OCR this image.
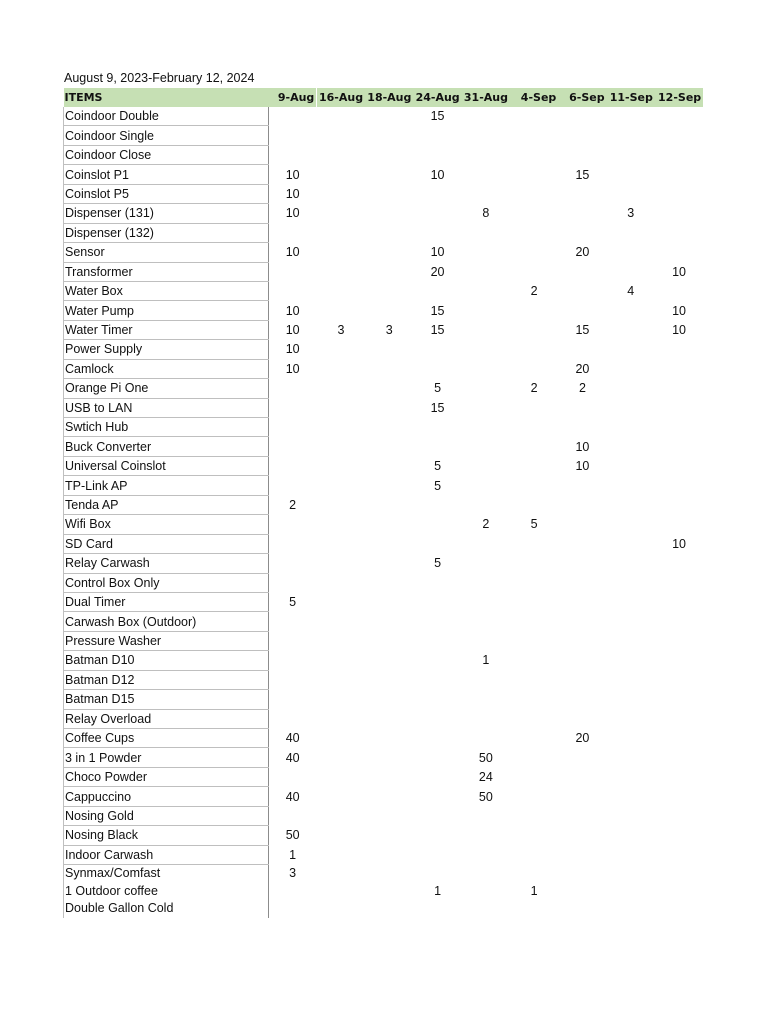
August 9, 2023-February 12, 2024
ITEMS	9-Aug	16-Aug	18-Aug	24-Aug	31-Aug	4-Sep	6-Sep	11-Sep	12-Sep
Coindoor Double				15					
Coindoor Single									
Coindoor Close									
Coinslot P1	10			10			15		
Coinslot P5	10								
Dispenser (131)	10				8			3	
Dispenser (132)									
Sensor	10			10			20		
Transformer				20					10
Water Box						2		4	
Water Pump	10			15					10
Water Timer	10	3	3	15			15		10
Power Supply	10								
Camlock	10						20		
Orange Pi One				5		2	2		
USB to LAN				15					
Swtich Hub									
Buck Converter							10		
Universal Coinslot				5			10		
TP-Link AP				5					
Tenda AP	2								
Wifi Box					2	5			
SD Card									10
Relay Carwash				5					
Control Box Only									
Dual Timer	5								
Carwash Box (Outdoor)									
Pressure Washer									
Batman D10					1				
Batman D12									
Batman D15									
Relay Overload									
Coffee Cups	40						20		
3 in 1 Powder	40				50				
Choco Powder					24				
Cappuccino	40				50				
Nosing Gold									
Nosing Black	50								
Indoor Carwash	1								
Synmax/Comfast	3								
1 Outdoor coffee				1		1			
Double Gallon Cold									
